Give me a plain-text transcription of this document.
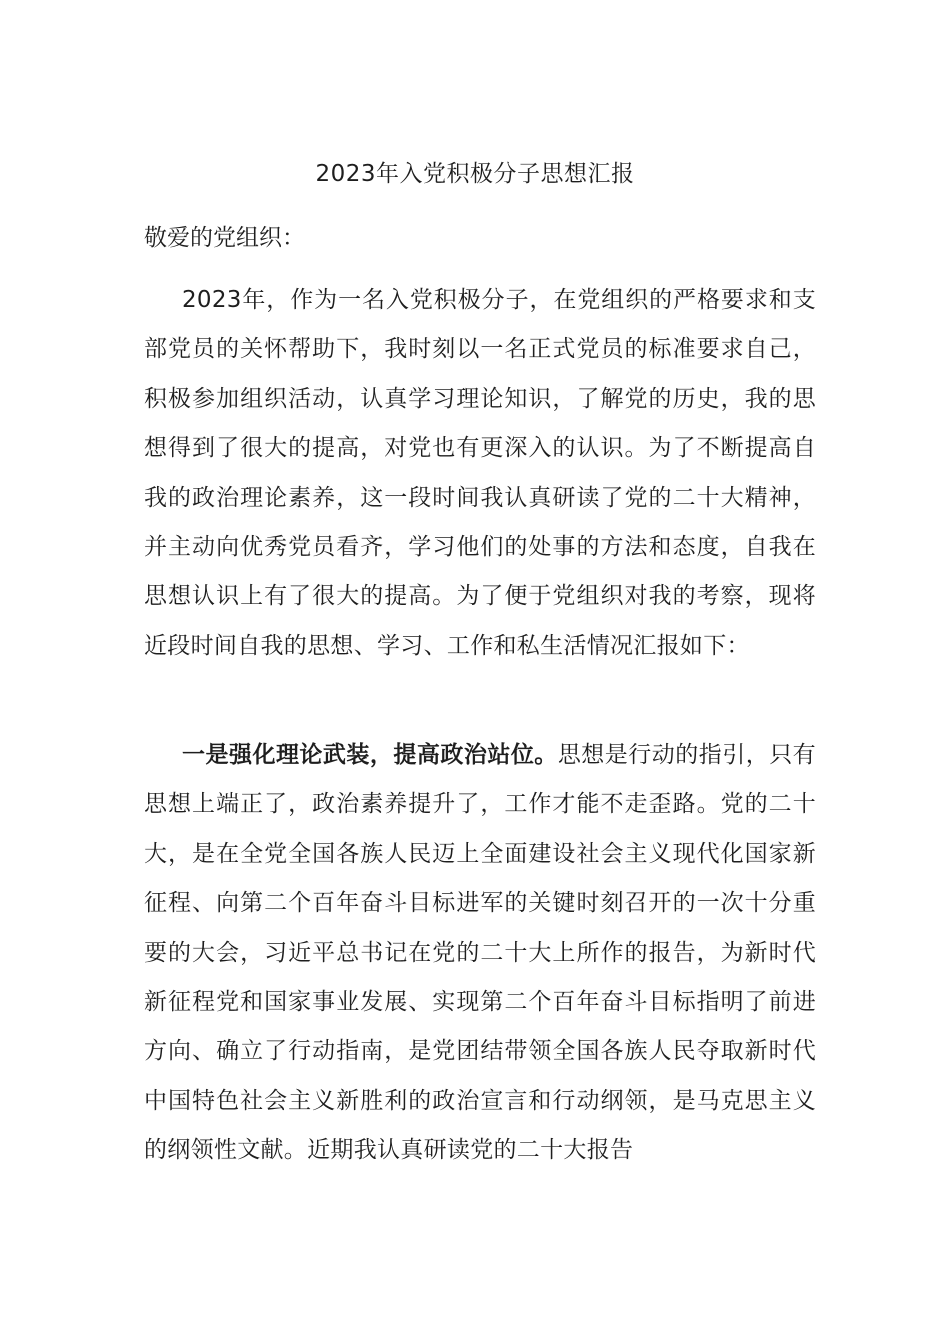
2023年入党积极分子思想汇报
敬爱的党组织：

2023年，作为一名入党积极分子，在党组织的严格要求和支部党员的关怀帮助下，我时刻以一名正式党员的标准要求自己，积极参加组织活动，认真学习理论知识，了解党的历史，我的思想得到了很大的提高，对党也有更深入的认识。为了不断提高自我的政治理论素养，这一段时间我认真研读了党的二十大精神，并主动向优秀党员看齐，学习他们的处事的方法和态度，自我在思想认识上有了很大的提高。为了便于党组织对我的考察，现将近段时间自我的思想、学习、工作和私生活情况汇报如下：

一是强化理论武装，提高政治站位。思想是行动的指引，只有思想上端正了，政治素养提升了，工作才能不走歪路。党的二十大，是在全党全国各族人民迈上全面建设社会主义现代化国家新征程、向第二个百年奋斗目标进军的关键时刻召开的一次十分重要的大会，习近平总书记在党的二十大上所作的报告，为新时代新征程党和国家事业发展、实现第二个百年奋斗目标指明了前进方向、确立了行动指南，是党团结带领全国各族人民夺取新时代中国特色社会主义新胜利的政治宣言和行动纲领，是马克思主义的纲领性文献。近期我认真研读党的二十大报告
